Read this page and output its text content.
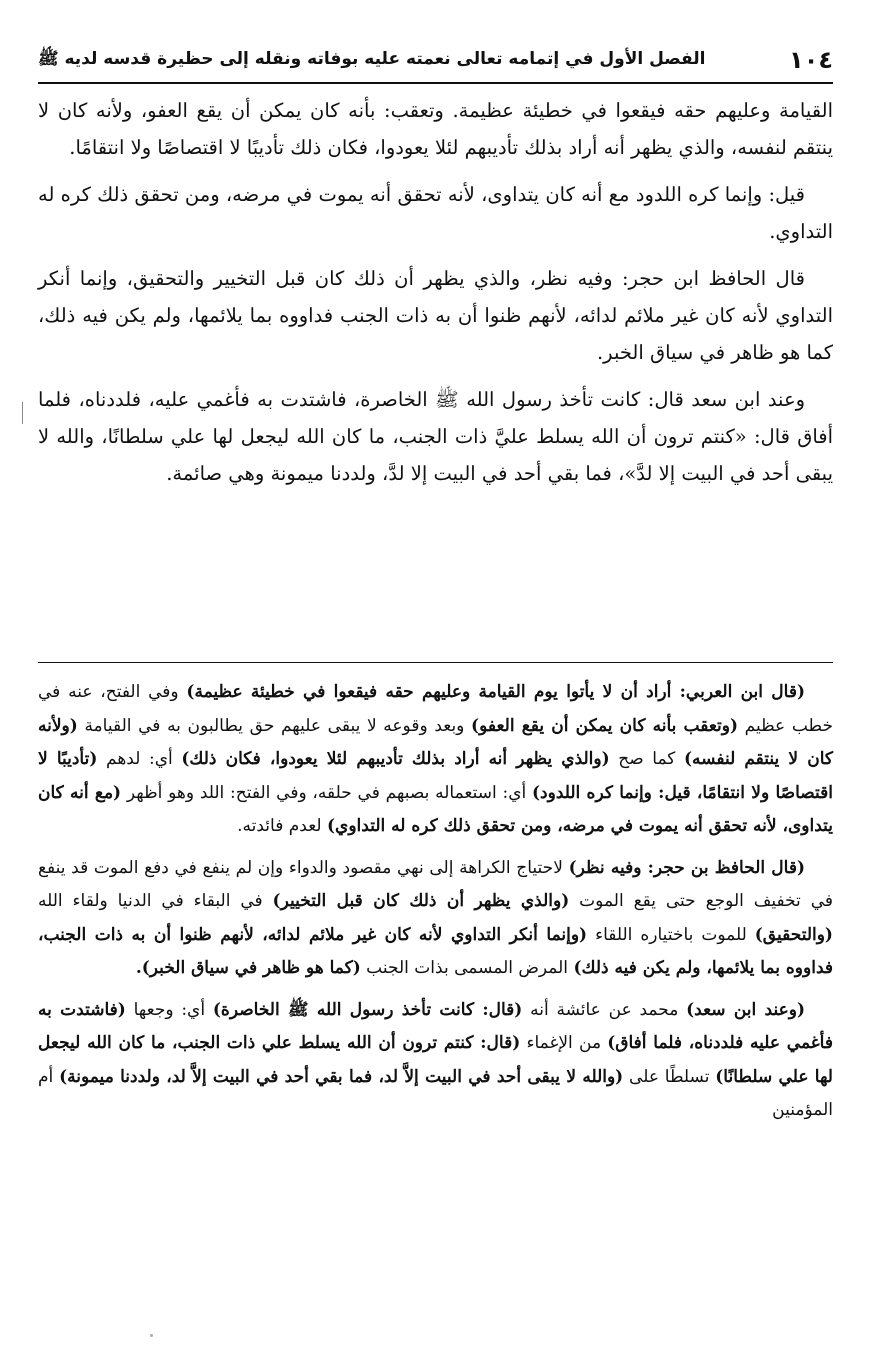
١٠٤
الفصل الأول في إتمامه تعالى نعمته عليه بوفاته ونقله إلى حظيرة قدسه لديه ﷺ

القيامة وعليهم حقه فيقعوا في خطيئة عظيمة. وتعقب: بأنه كان يمكن أن يقع العفو، ولأنه كان لا ينتقم لنفسه، والذي يظهر أنه أراد بذلك تأديبهم لئلا يعودوا، فكان ذلك تأديبًا لا اقتصاصًا ولا انتقامًا.

قيل: وإنما كره اللدود مع أنه كان يتداوى، لأنه تحقق أنه يموت في مرضه، ومن تحقق ذلك كره له التداوي.

قال الحافظ ابن حجر: وفيه نظر، والذي يظهر أن ذلك كان قبل التخيير والتحقيق، وإنما أنكر التداوي لأنه كان غير ملائم لدائه، لأنهم ظنوا أن به ذات الجنب فداووه بما يلائمها، ولم يكن فيه ذلك، كما هو ظاهر في سياق الخبر.

وعند ابن سعد قال: كانت تأخذ رسول الله ﷺ الخاصرة، فاشتدت به فأغمي عليه، فلددناه، فلما أفاق قال: «كنتم ترون أن الله يسلط عليَّ ذات الجنب، ما كان الله ليجعل لها علي سلطانًا، والله لا يبقى أحد في البيت إلا لدَّ»، فما بقي أحد في البيت إلا لدَّ، ولددنا ميمونة وهي صائمة.

(قال ابن العربي: أراد أن لا يأتوا يوم القيامة وعليهم حقه فيقعوا في خطيئة عظيمة) وفي الفتح، عنه في خطب عظيم (وتعقب بأنه كان يمكن أن يقع العفو) وبعد وقوعه لا يبقى عليهم حق يطالبون به في القيامة (ولأنه كان لا ينتقم لنفسه) كما صح (والذي يظهر أنه أراد بذلك تأديبهم لئلا يعودوا، فكان ذلك) أي: لدهم (تأديبًا لا اقتصاصًا ولا انتقامًا، قيل: وإنما كره اللدود) أي: استعماله بصبهم في حلقه، وفي الفتح: اللد وهو أظهر (مع أنه كان يتداوى، لأنه تحقق أنه يموت في مرضه، ومن تحقق ذلك كره له التداوي) لعدم فائدته.

(قال الحافظ بن حجر: وفيه نظر) لاحتياج الكراهة إلى نهي مقصود والدواء وإن لم ينفع في دفع الموت قد ينفع في تخفيف الوجع حتى يقع الموت (والذي يظهر أن ذلك كان قبل التخيير) في البقاء في الدنيا ولقاء الله (والتحقيق) للموت باختياره اللقاء (وإنما أنكر التداوي لأنه كان غير ملائم لدائه، لأنهم ظنوا أن به ذات الجنب، فداووه بما يلائمها، ولم يكن فيه ذلك) المرض المسمى بذات الجنب (كما هو ظاهر في سياق الخبر).

(وعند ابن سعد) محمد عن عائشة أنه (قال: كانت تأخذ رسول الله ﷺ الخاصرة) أي: وجعها (فاشتدت به فأغمي عليه فلددناه، فلما أفاق) من الإغماء (قال: كنتم ترون أن الله يسلط علي ذات الجنب، ما كان الله ليجعل لها علي سلطانًا) تسلطًا على (والله لا يبقى أحد في البيت إلاَّ لد، فما بقي أحد في البيت إلاَّ لد، ولددنا ميمونة) أم المؤمنين
